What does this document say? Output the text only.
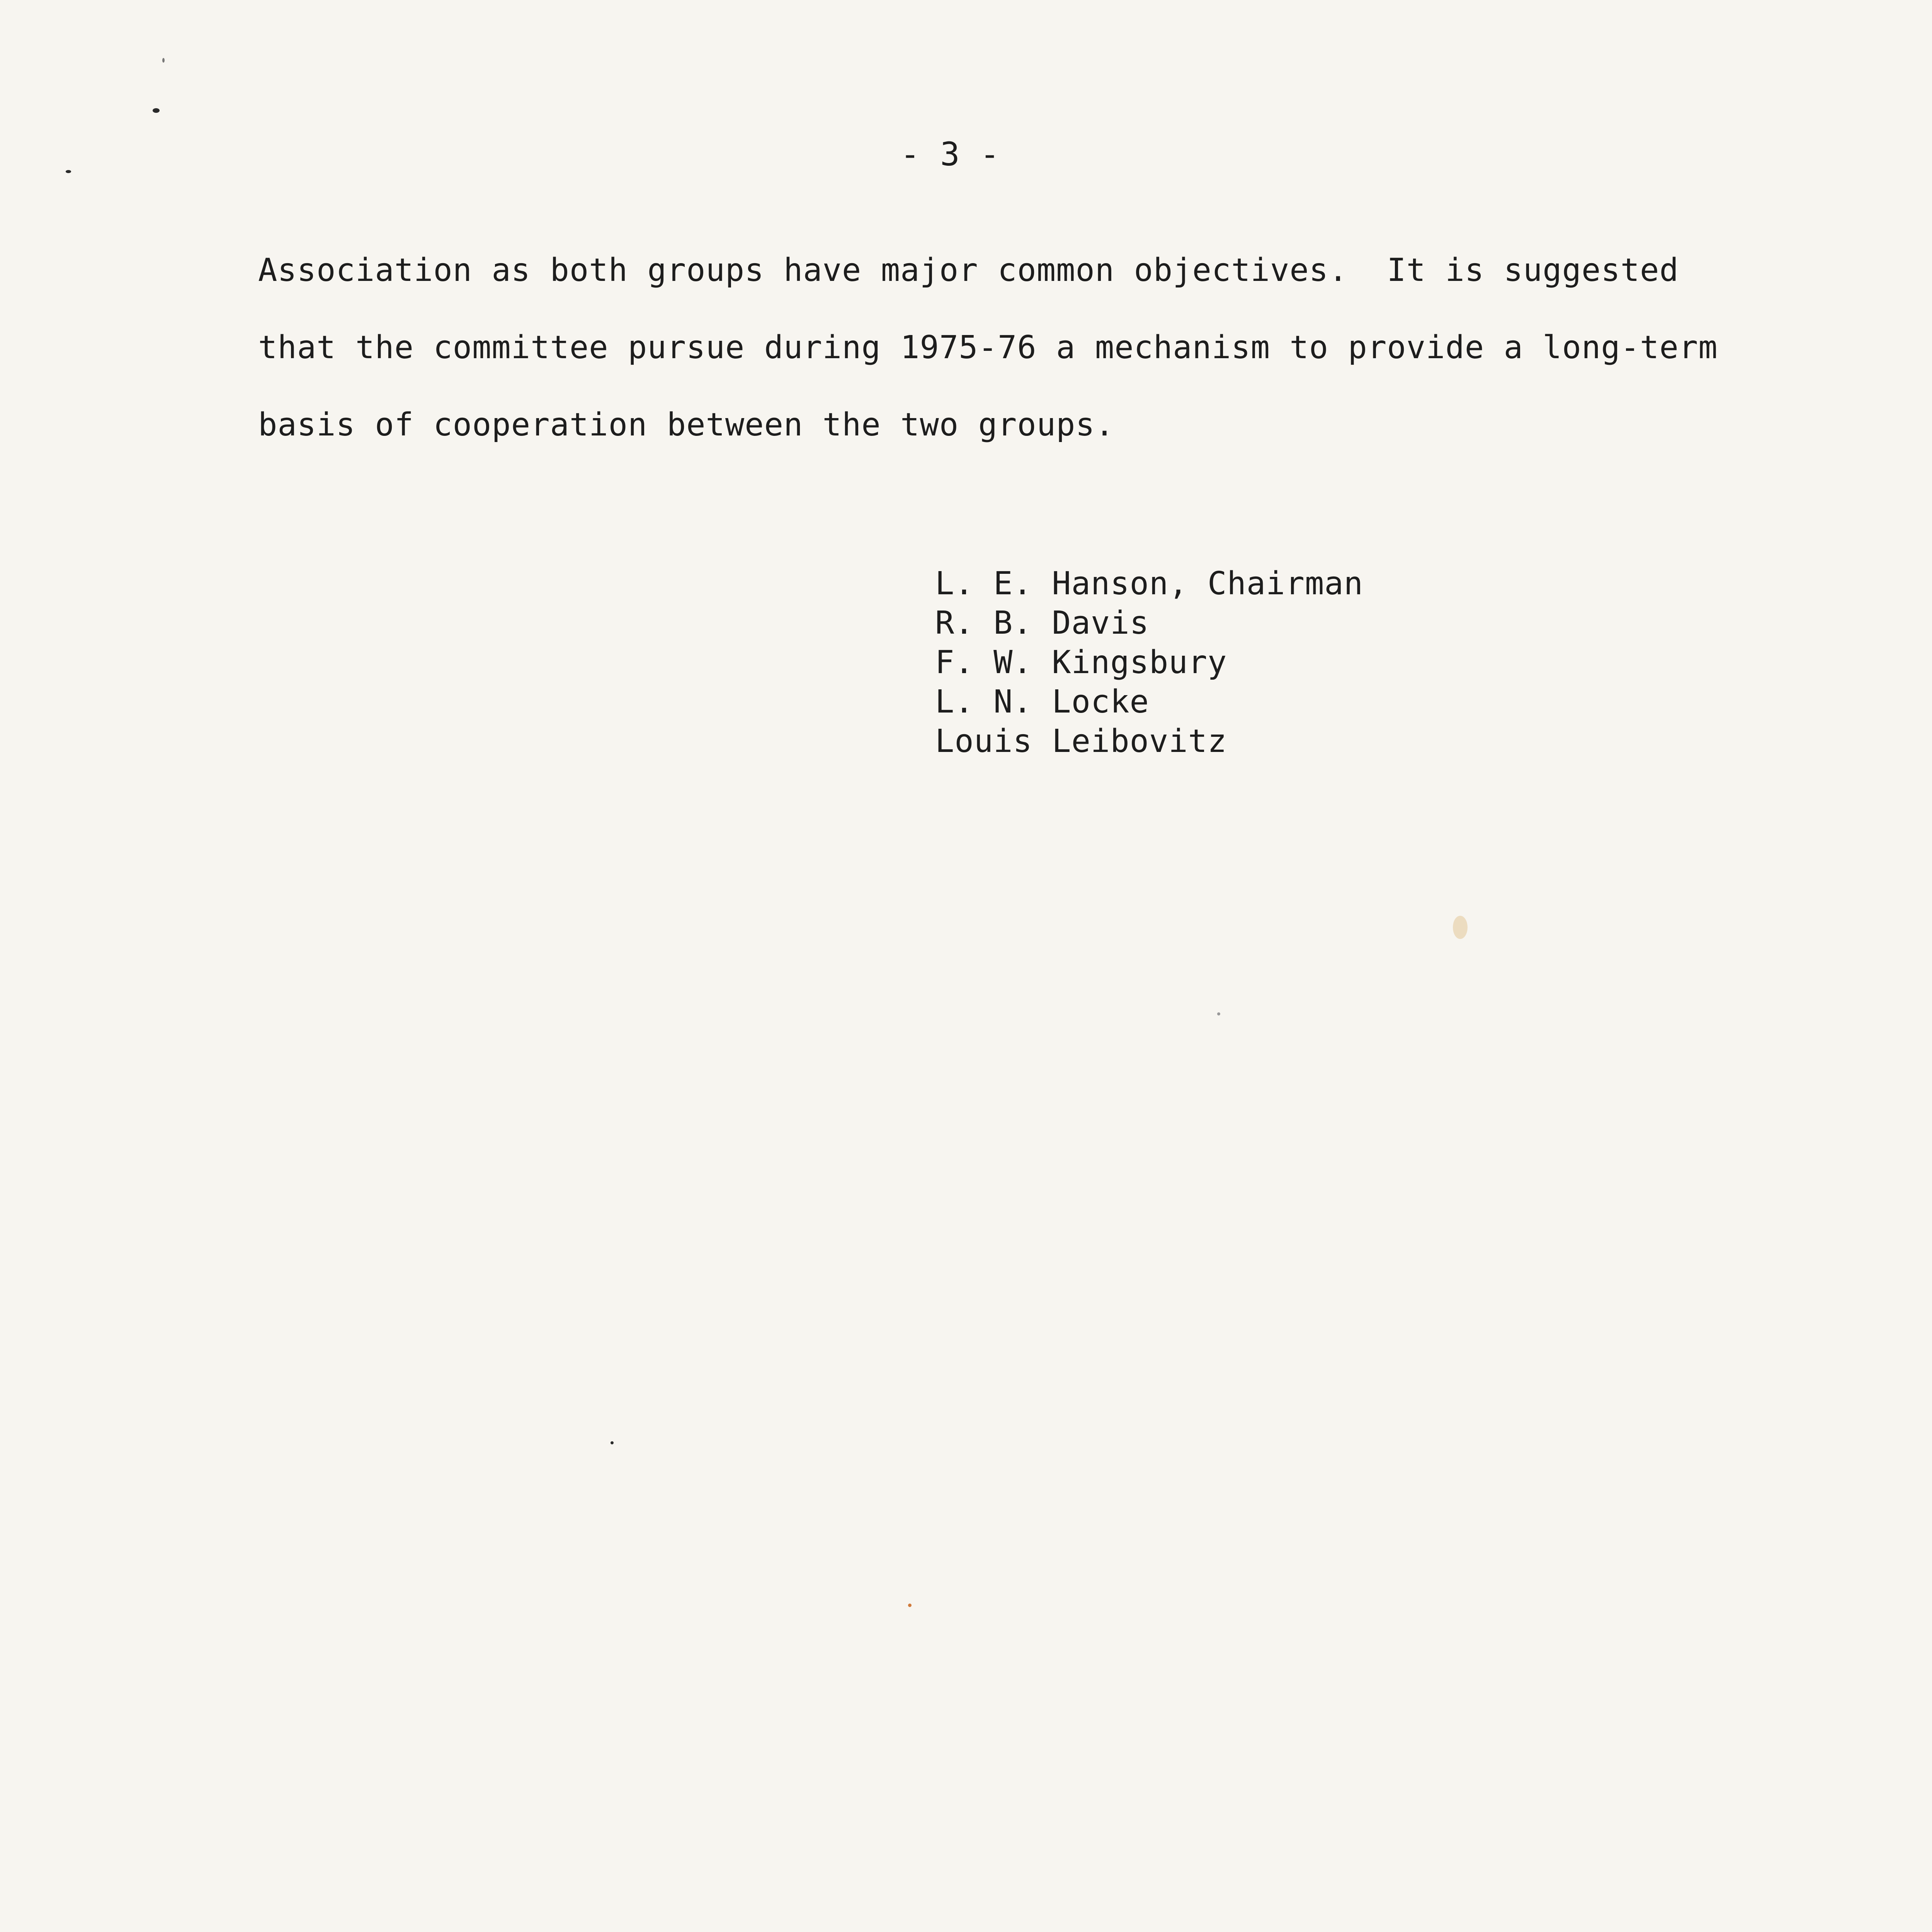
- 3 -
Association as both groups have major common objectives.  It is suggested
that the committee pursue during 1975-76 a mechanism to provide a long-term
basis of cooperation between the two groups.
L. E. Hanson, Chairman
R. B. Davis
F. W. Kingsbury
L. N. Locke
Louis Leibovitz
